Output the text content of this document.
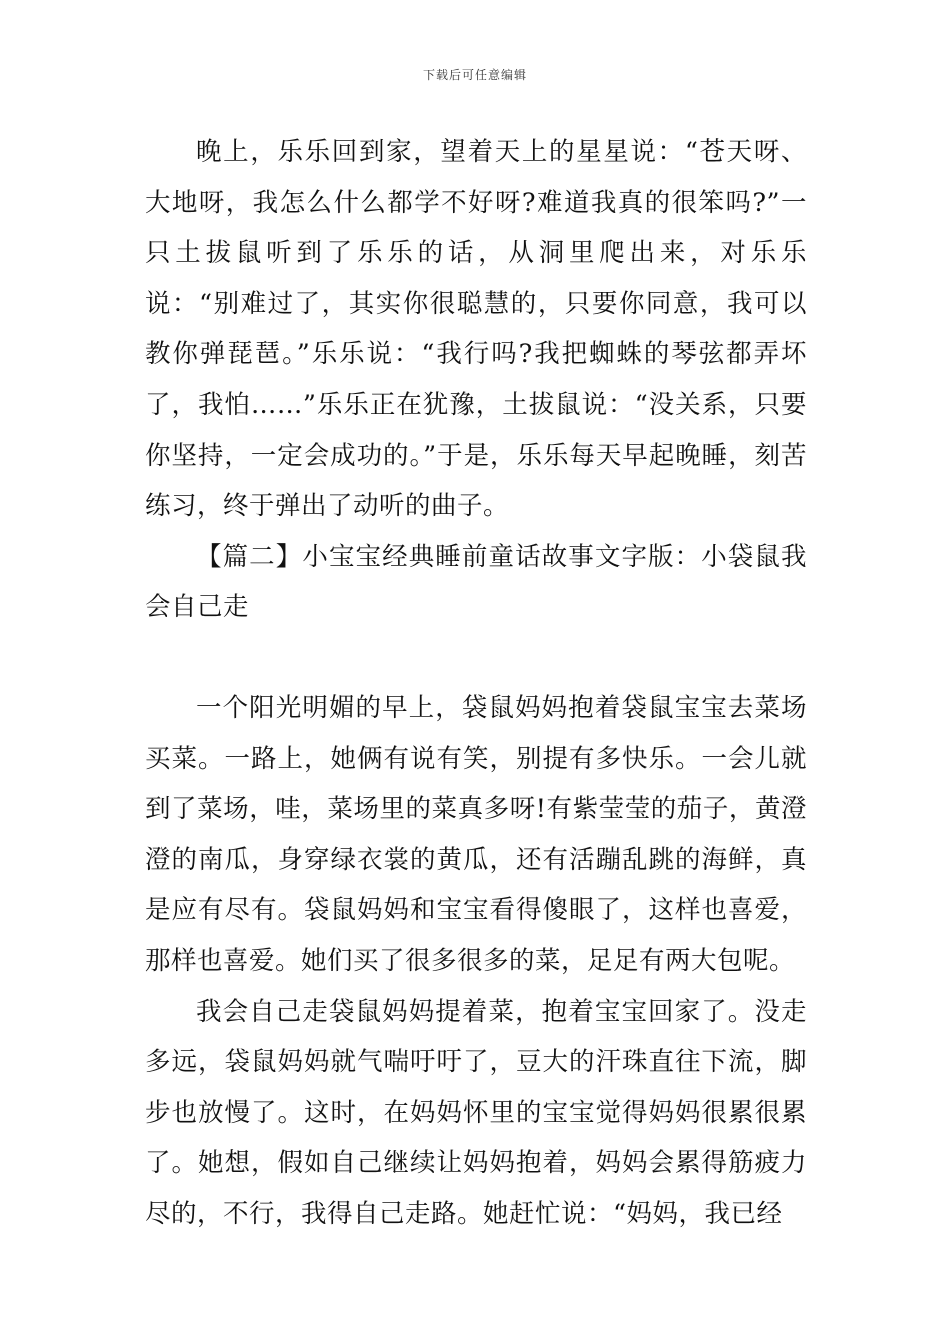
下载后可任意编辑

晚上，乐乐回到家，望着天上的星星说：“苍天呀、大地呀，我怎么什么都学不好呀?难道我真的很笨吗?”一只土拔鼠听到了乐乐的话，从洞里爬出来，对乐乐说：“别难过了，其实你很聪慧的，只要你同意，我可以教你弹琵琶。”乐乐说：“我行吗?我把蜘蛛的琴弦都弄坏了，我怕……”乐乐正在犹豫，土拔鼠说：“没关系，只要你坚持，一定会成功的。”于是，乐乐每天早起晚睡，刻苦练习，终于弹出了动听的曲子。

【篇二】小宝宝经典睡前童话故事文字版：小袋鼠我会自己走

一个阳光明媚的早上，袋鼠妈妈抱着袋鼠宝宝去菜场买菜。一路上，她俩有说有笑，别提有多快乐。一会儿就到了菜场，哇，菜场里的菜真多呀!有紫莹莹的茄子，黄澄澄的南瓜，身穿绿衣裳的黄瓜，还有活蹦乱跳的海鲜，真是应有尽有。袋鼠妈妈和宝宝看得傻眼了，这样也喜爱，那样也喜爱。她们买了很多很多的菜，足足有两大包呢。

我会自己走袋鼠妈妈提着菜，抱着宝宝回家了。没走多远，袋鼠妈妈就气喘吁吁了，豆大的汗珠直往下流，脚步也放慢了。这时，在妈妈怀里的宝宝觉得妈妈很累很累了。她想，假如自己继续让妈妈抱着，妈妈会累得筋疲力尽的，不行，我得自己走路。她赶忙说：“妈妈，我已经
